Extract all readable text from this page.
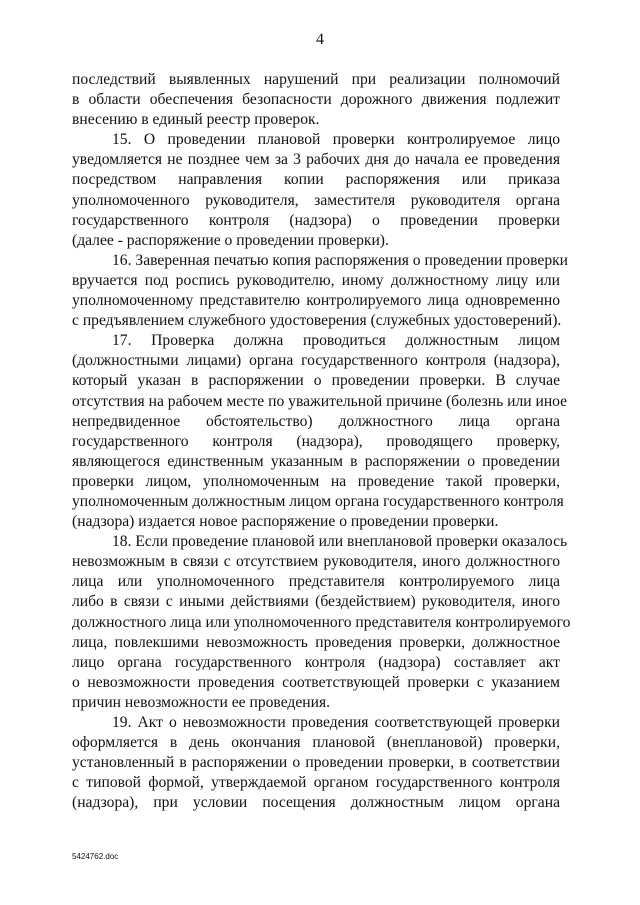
4
последствий выявленных нарушений при реализации полномочий
в области обеспечения безопасности дорожного движения подлежит
внесению в единый реестр проверок.
15. О проведении плановой проверки контролируемое лицо
уведомляется не позднее чем за 3 рабочих дня до начала ее проведения
посредством направления копии распоряжения или приказа
уполномоченного руководителя, заместителя руководителя органа
государственного контроля (надзора) о проведении проверки
(далее - распоряжение о проведении проверки).
16. Заверенная печатью копия распоряжения о проведении проверки
вручается под роспись руководителю, иному должностному лицу или
уполномоченному представителю контролируемого лица одновременно
с предъявлением служебного удостоверения (служебных удостоверений).
17. Проверка должна проводиться должностным лицом
(должностными лицами) органа государственного контроля (надзора),
который указан в распоряжении о проведении проверки. В случае
отсутствия на рабочем месте по уважительной причине (болезнь или иное
непредвиденное обстоятельство) должностного лица органа
государственного контроля (надзора), проводящего проверку,
являющегося единственным указанным в распоряжении о проведении
проверки лицом, уполномоченным на проведение такой проверки,
уполномоченным должностным лицом органа государственного контроля
(надзора) издается новое распоряжение о проведении проверки.
18. Если проведение плановой или внеплановой проверки оказалось
невозможным в связи с отсутствием руководителя, иного должностного
лица или уполномоченного представителя контролируемого лица
либо в связи с иными действиями (бездействием) руководителя, иного
должностного лица или уполномоченного представителя контролируемого
лица, повлекшими невозможность проведения проверки, должностное
лицо органа государственного контроля (надзора) составляет акт
о невозможности проведения соответствующей проверки с указанием
причин невозможности ее проведения.
19. Акт о невозможности проведения соответствующей проверки
оформляется в день окончания плановой (внеплановой) проверки,
установленный в распоряжении о проведении проверки, в соответствии
с типовой формой, утверждаемой органом государственного контроля
(надзора), при условии посещения должностным лицом органа
5424762.doc
